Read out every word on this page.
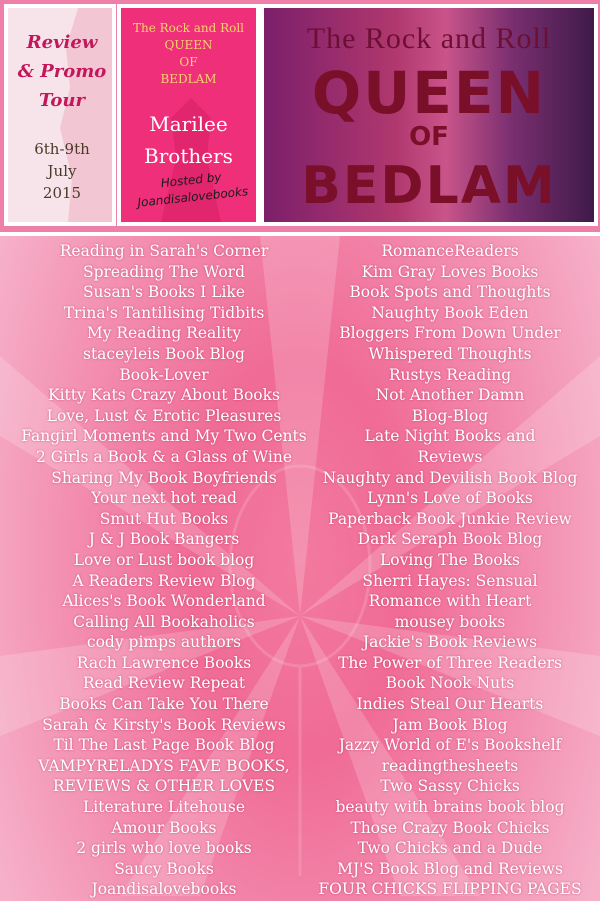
Review
& Promo
Tour
6th-9th
July
2015
The Rock and Roll
QUEEN
OF
BEDLAM
Marilee
Brothers
The Rock and Roll
QUEEN
OF
BEDLAM
Hosted by
Joandisalovebooks
Reading in Sarah's Corner
Spreading The Word
Susan's Books I Like
Trina's Tantilising Tidbits
My Reading Reality
staceyleis Book Blog
Book-Lover
Kitty Kats Crazy About Books
Love, Lust & Erotic Pleasures
Fangirl Moments and My Two Cents
2 Girls a Book & a Glass of Wine
Sharing My Book Boyfriends
Your next hot read
Smut Hut Books
J & J Book Bangers
Love or Lust book blog
A Readers Review Blog
Alices's Book Wonderland
Calling All Bookaholics
cody pimps authors
Rach Lawrence Books
Read Review Repeat
Books Can Take You There
Sarah & Kirsty's Book Reviews
Til The Last Page Book Blog
VAMPYRELADYS FAVE BOOKS,
REVIEWS & OTHER LOVES
Literature Litehouse
Amour Books
2 girls who love books
Saucy Books
Joandisalovebooks
RomanceReaders
Kim Gray Loves Books
Book Spots and Thoughts
Naughty Book Eden
Bloggers From Down Under
Whispered Thoughts
Rustys Reading
Not Another Damn
Blog-Blog
Late Night Books and
Reviews
Naughty and Devilish Book Blog
Lynn's Love of Books
Paperback Book Junkie Review
Dark Seraph Book Blog
Loving The Books
Sherri Hayes: Sensual
Romance with Heart
mousey books
Jackie's Book Reviews
The Power of Three Readers
Book Nook Nuts
Indies Steal Our Hearts
Jam Book Blog
Jazzy World of E's Bookshelf
readingthesheets
Two Sassy Chicks
beauty with brains book blog
Those Crazy Book Chicks
Two Chicks and a Dude
MJ'S Book Blog and Reviews
FOUR CHICKS FLIPPING PAGES
